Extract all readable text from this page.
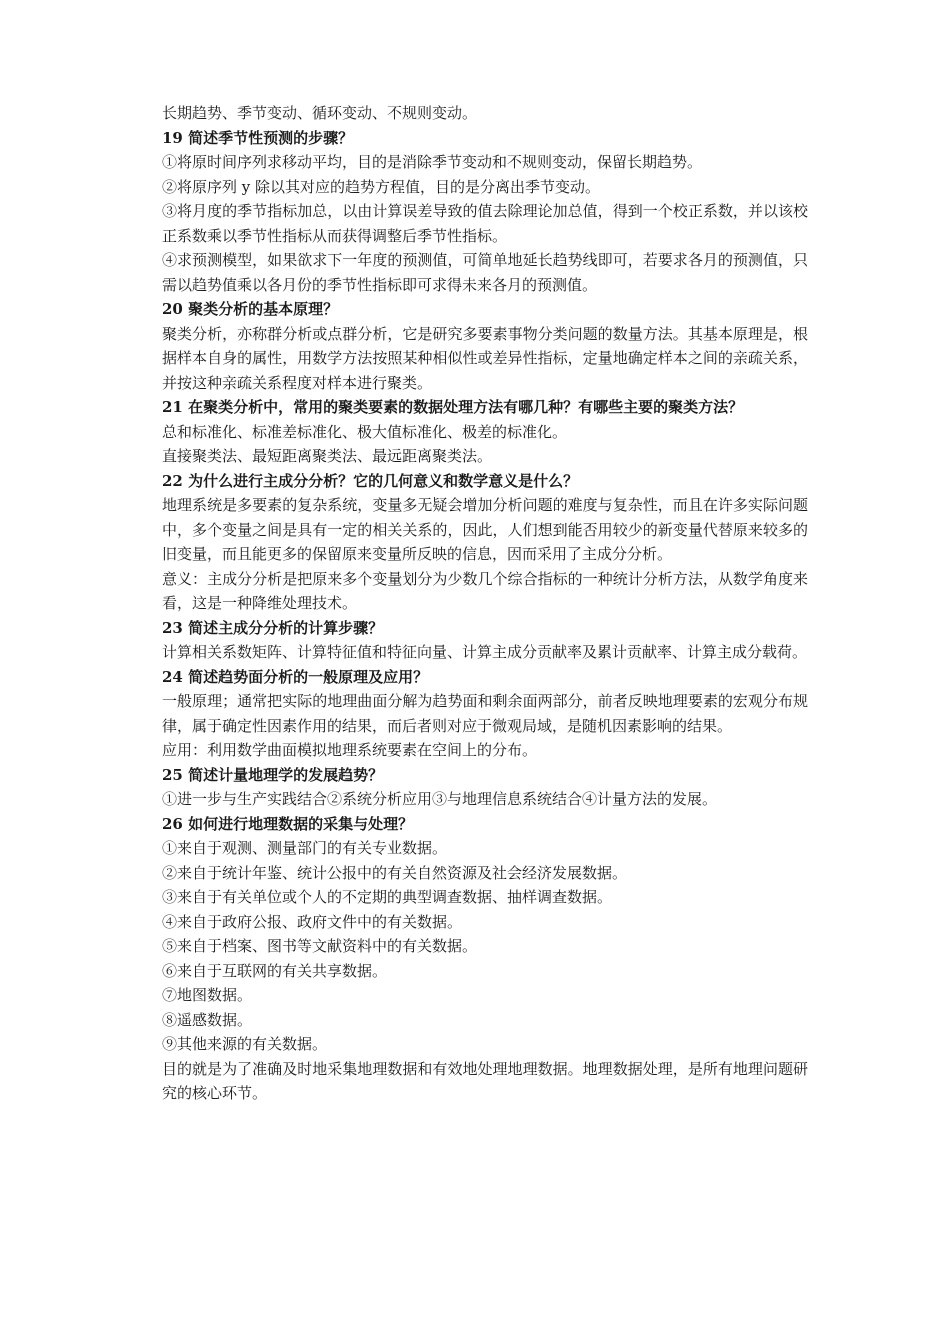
长期趋势、季节变动、循环变动、不规则变动。

19 简述季节性预测的步骤？

①将原时间序列求移动平均，目的是消除季节变动和不规则变动，保留长期趋势。

②将原序列 y 除以其对应的趋势方程值，目的是分离出季节变动。

③将月度的季节指标加总，以由计算误差导致的值去除理论加总值，得到一个校正系数，并以该校正系数乘以季节性指标从而获得调整后季节性指标。

④求预测模型，如果欲求下一年度的预测值，可简单地延长趋势线即可，若要求各月的预测值，只需以趋势值乘以各月份的季节性指标即可求得未来各月的预测值。

20 聚类分析的基本原理？

聚类分析，亦称群分析或点群分析，它是研究多要素事物分类问题的数量方法。其基本原理是，根据样本自身的属性，用数学方法按照某种相似性或差异性指标，定量地确定样本之间的亲疏关系，并按这种亲疏关系程度对样本进行聚类。

21 在聚类分析中，常用的聚类要素的数据处理方法有哪几种？有哪些主要的聚类方法？

总和标准化、标准差标准化、极大值标准化、极差的标准化。

直接聚类法、最短距离聚类法、最远距离聚类法。

22 为什么进行主成分分析？它的几何意义和数学意义是什么？

地理系统是多要素的复杂系统，变量多无疑会增加分析问题的难度与复杂性，而且在许多实际问题中，多个变量之间是具有一定的相关关系的，因此，人们想到能否用较少的新变量代替原来较多的旧变量，而且能更多的保留原来变量所反映的信息，因而采用了主成分分析。

意义：主成分分析是把原来多个变量划分为少数几个综合指标的一种统计分析方法，从数学角度来看，这是一种降维处理技术。

23 简述主成分分析的计算步骤？

计算相关系数矩阵、计算特征值和特征向量、计算主成分贡献率及累计贡献率、计算主成分载荷。

24 简述趋势面分析的一般原理及应用？

一般原理；通常把实际的地理曲面分解为趋势面和剩余面两部分，前者反映地理要素的宏观分布规律，属于确定性因素作用的结果，而后者则对应于微观局域，是随机因素影响的结果。

应用：利用数学曲面模拟地理系统要素在空间上的分布。

25 简述计量地理学的发展趋势？

①进一步与生产实践结合②系统分析应用③与地理信息系统结合④计量方法的发展。

26 如何进行地理数据的采集与处理？

①来自于观测、测量部门的有关专业数据。

②来自于统计年鉴、统计公报中的有关自然资源及社会经济发展数据。

③来自于有关单位或个人的不定期的典型调查数据、抽样调查数据。

④来自于政府公报、政府文件中的有关数据。

⑤来自于档案、图书等文献资料中的有关数据。

⑥来自于互联网的有关共享数据。

⑦地图数据。

⑧遥感数据。

⑨其他来源的有关数据。

目的就是为了准确及时地采集地理数据和有效地处理地理数据。地理数据处理，是所有地理问题研究的核心环节。
